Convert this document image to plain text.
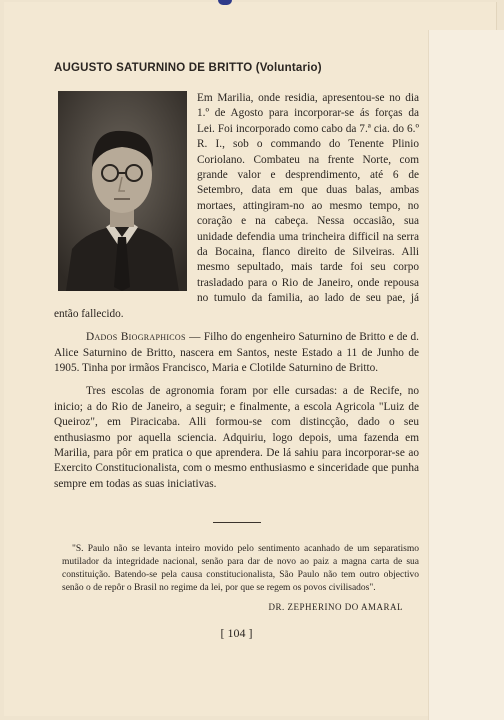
AUGUSTO SATURNINO DE BRITTO (Voluntario)
Em Marilia, onde residia, apresentou-se no dia 1.º de Agosto para incorporar-se ás forças da Lei. Foi incorporado como cabo da 7.ª cia. do 6.º R. I., sob o commando do Tenente Plinio Coriolano. Combateu na frente Norte, com grande valor e desprendimento, até 6 de Setembro, data em que duas balas, ambas mortaes, attingiram-no ao mesmo tempo, no coração e na cabeça. Nessa occasião, sua unidade defendia uma trincheira difficil na serra da Bocaina, flanco direito de Silveiras. Alli mesmo sepultado, mais tarde foi seu corpo trasladado para o Rio de Janeiro, onde repousa no tumulo da familia, ao lado de seu pae, já então fallecido.

Dados Biographicos — Filho do engenheiro Saturnino de Britto e de d. Alice Saturnino de Britto, nascera em Santos, neste Estado a 11 de Junho de 1905. Tinha por irmãos Francisco, Maria e Clotilde Saturnino de Britto.

Tres escolas de agronomia foram por elle cursadas: a de Recife, no inicio; a do Rio de Janeiro, a seguir; e finalmente, a escola Agricola "Luiz de Queiroz", em Piracicaba. Alli formou-se com distincção, dado o seu enthusiasmo por aquella sciencia. Adquiriu, logo depois, uma fazenda em Marilia, para pôr em pratica o que aprendera. De lá sahiu para incorporar-se ao Exercito Constitucionalista, com o mesmo enthusiasmo e sinceridade que punha sempre em todas as suas iniciativas.

"S. Paulo não se levanta inteiro movido pelo sentimento acanhado de um separatismo mutilador da integridade nacional, senão para dar de novo ao paiz a magna carta de sua constituição. Batendo-se pela causa constitucionalista, São Paulo não tem outro objectivo senão o de repôr o Brasil no regime da lei, por que se regem os povos civilisados".

DR. ZEPHERINO DO AMARAL

[ 104 ]
